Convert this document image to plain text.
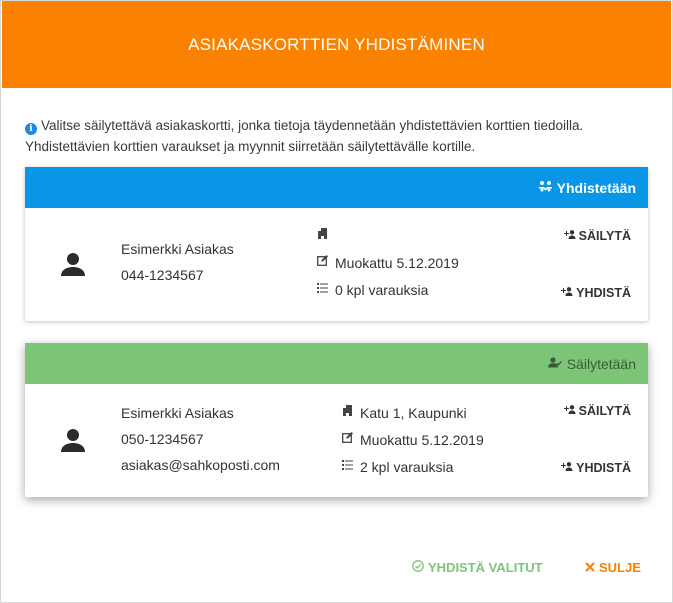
ASIAKASKORTTIEN YHDISTÄMINEN
i Valitse säilytettävä asiakaskortti, jonka tietoja täydennetään yhdistettävien korttien tiedoilla.
Yhdistettävien korttien varaukset ja myynnit siirretään säilytettävälle kortille.
Yhdistetään
Esimerkki Asiakas
044-1234567
Muokattu 5.12.2019
0 kpl varauksia
SÄILYTÄ
YHDISTÄ
Säilytetään
Esimerkki Asiakas
050-1234567
asiakas@sahkoposti.com
Katu 1, Kaupunki
Muokattu 5.12.2019
2 kpl varauksia
SÄILYTÄ
YHDISTÄ
YHDISTÄ VALITUT	SULJE
